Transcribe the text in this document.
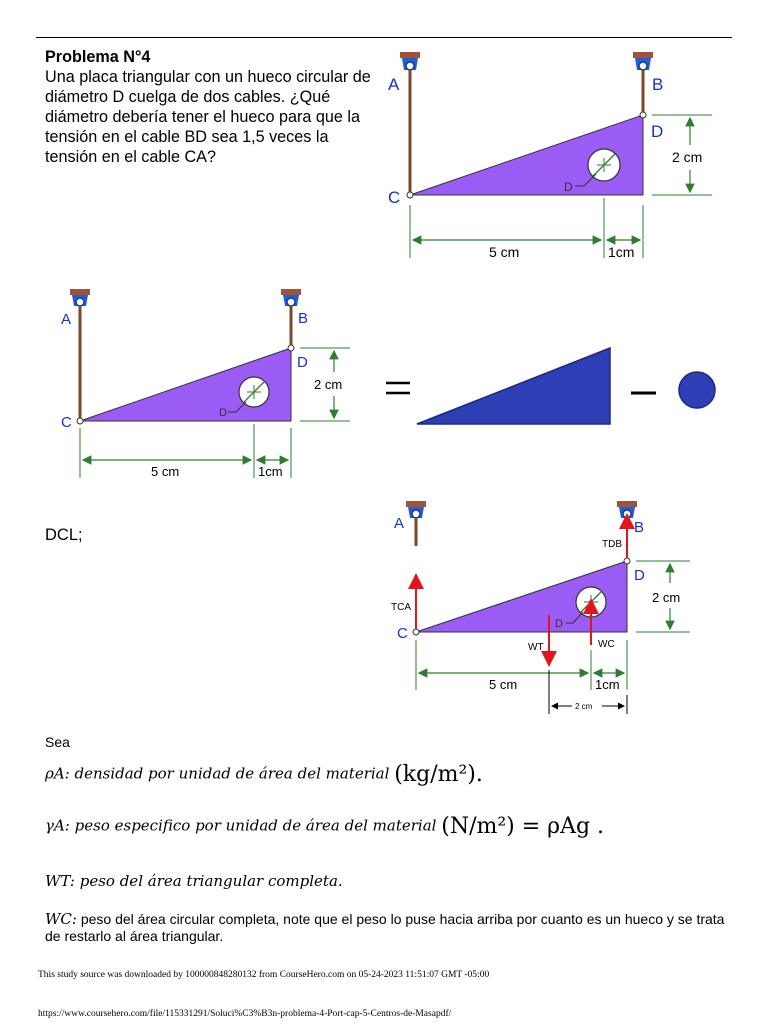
Problema N°4
Una placa triangular con un hueco circular de diámetro D cuelga de dos cables. ¿Qué diámetro debería tener el hueco para que la tensión en el cable BD sea 1,5 veces la tensión en el cable CA?
A	B
C
D
D
2 cm
5 cm	1cm
A	B
C
D
D
2 cm
5 cm	1cm
A	B
C
D
D
TCA
TDB
WT	WC
2 cm
5 cm	1cm
2 cm
DCL;
Sea
ρA: densidad por unidad de área del material (kg/m²).
γA: peso especifico por unidad de área del material (N/m²) = ρAg .
WT: peso del área triangular completa.
WC: peso del área circular completa, note que el peso lo puse hacia arriba por cuanto es un hueco y se trata de restarlo al área triangular.
This study source was downloaded by 100000848280132 from CourseHero.com on 05-24-2023 11:51:07 GMT -05:00
https://www.coursehero.com/file/115331291/Soluci%C3%B3n-problema-4-Port-cap-5-Centros-de-Masapdf/
